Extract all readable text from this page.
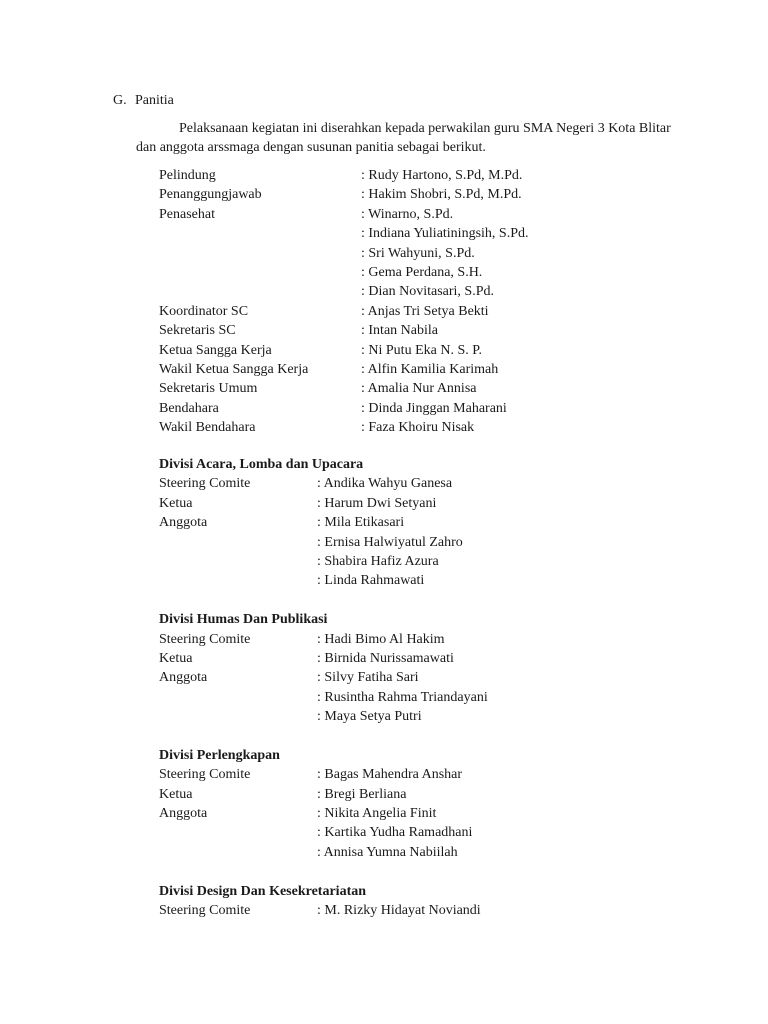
G. Panitia

Pelaksanaan kegiatan ini diserahkan kepada perwakilan guru SMA Negeri 3 Kota Blitar

dan anggota arssmaga dengan susunan panitia sebagai berikut.

Pelindung	: Rudy Hartono, S.Pd, M.Pd.
Penanggungjawab	: Hakim Shobri, S.Pd, M.Pd.
Penasehat	: Winarno, S.Pd.
: Indiana Yuliatiningsih, S.Pd.
: Sri Wahyuni, S.Pd.
: Gema Perdana, S.H.
: Dian Novitasari, S.Pd.
Koordinator SC	: Anjas Tri Setya Bekti
Sekretaris SC	: Intan Nabila
Ketua Sangga Kerja	: Ni Putu Eka N. S. P.
Wakil Ketua Sangga Kerja	: Alfin Kamilia Karimah
Sekretaris Umum	: Amalia Nur Annisa
Bendahara	: Dinda Jinggan Maharani
Wakil Bendahara	: Faza Khoiru Nisak
Divisi Acara, Lomba dan Upacara
Steering Comite	: Andika Wahyu Ganesa
Ketua	: Harum Dwi Setyani
Anggota	: Mila Etikasari
: Ernisa Halwiyatul Zahro
: Shabira Hafiz Azura
: Linda Rahmawati
Divisi Humas Dan Publikasi
Steering Comite	: Hadi Bimo Al Hakim
Ketua	: Birnida Nurissamawati
Anggota	: Silvy Fatiha Sari
: Rusintha Rahma Triandayani
: Maya Setya Putri
Divisi Perlengkapan
Steering Comite	: Bagas Mahendra Anshar
Ketua	: Bregi Berliana
Anggota	: Nikita Angelia Finit
: Kartika Yudha Ramadhani
: Annisa Yumna Nabiilah
Divisi Design Dan Kesekretariatan
Steering Comite	: M. Rizky Hidayat Noviandi
